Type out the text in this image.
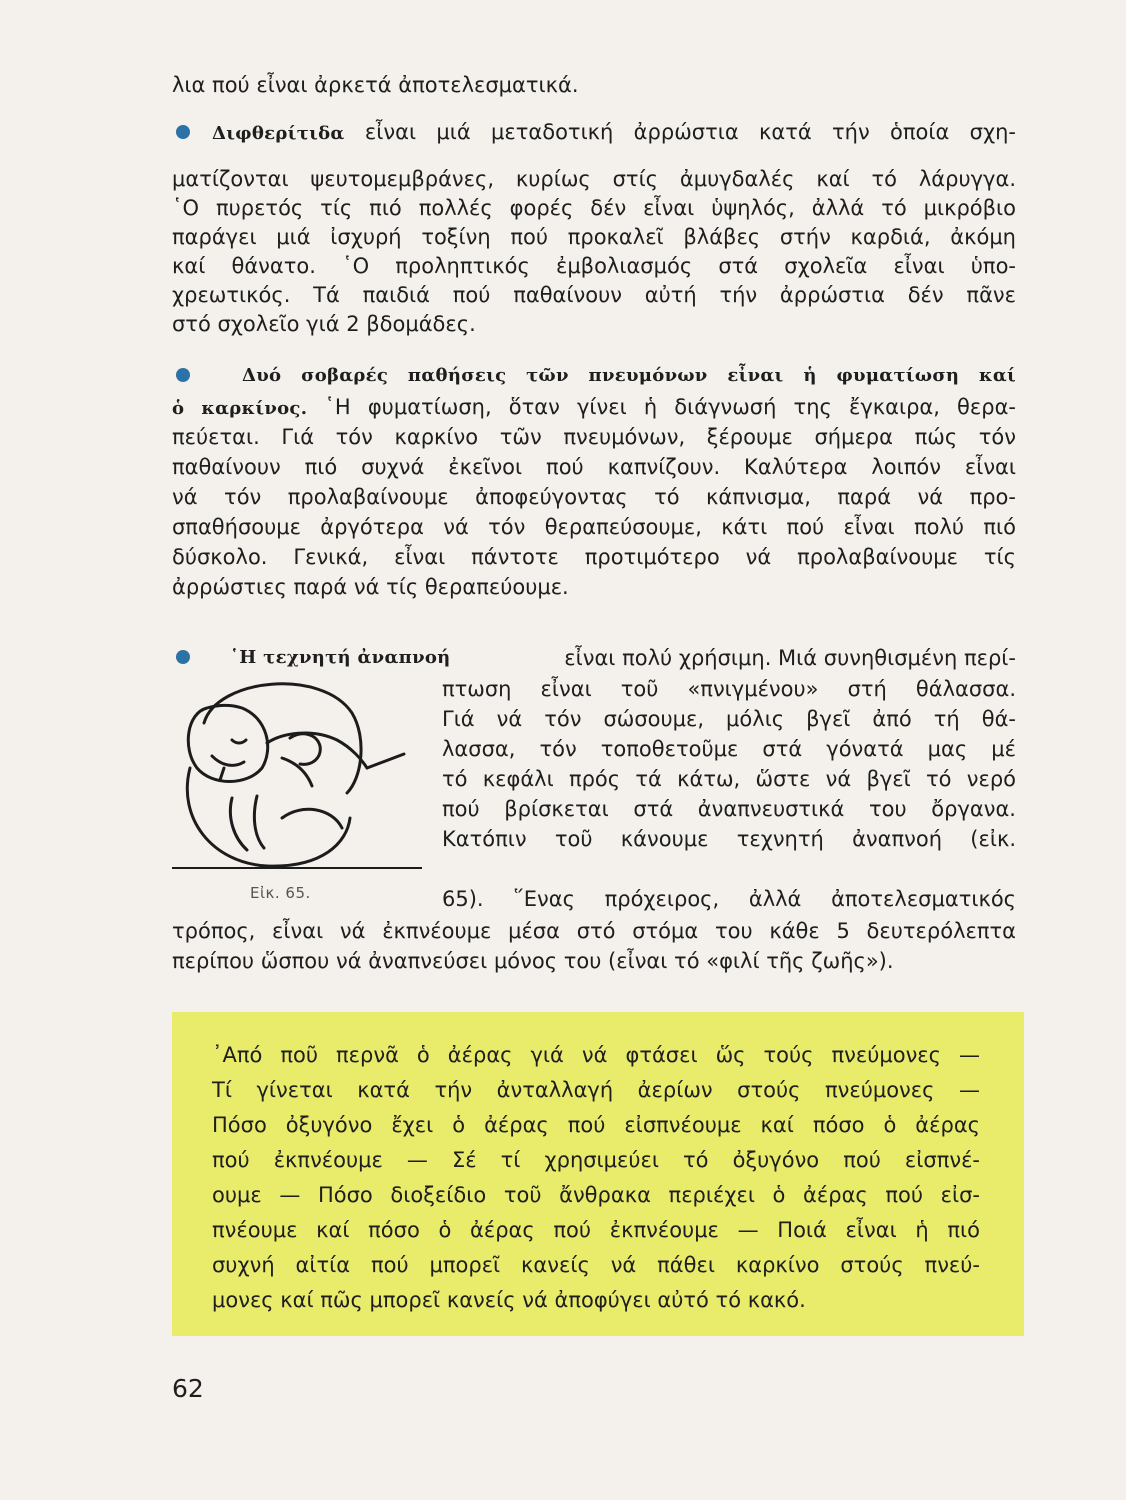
λια πού εἶναι ἀρκετά ἀποτελεσματικά.
Διφθερίτιδα εἶναι μιά μεταδοτική ἀρρώστια κατά τήν ὁποία σχη-
ματίζονται ψευτομεμβράνες, κυρίως στίς ἀμυγδαλές καί τό λάρυγγα.
῾Ο πυρετός τίς πιό πολλές φορές δέν εἶναι ὑψηλός, ἀλλά τό μικρόβιο
παράγει μιά ἰσχυρή τοξίνη πού προκαλεῖ βλάβες στήν καρδιά, ἀκόμη
καί θάνατο. ῾Ο προληπτικός ἐμβολιασμός στά σχολεῖα εἶναι ὑπο-
χρεωτικός. Τά παιδιά πού παθαίνουν αὐτή τήν ἀρρώστια δέν πᾶνε
στό σχολεῖο γιά 2 βδομάδες.
Δυό σοβαρές παθήσεις τῶν πνευμόνων εἶναι ἡ φυματίωση καί
ὁ καρκίνος. ῾Η φυματίωση, ὅταν γίνει ἡ διάγνωσή της ἔγκαιρα, θερα-
πεύεται. Γιά τόν καρκίνο τῶν πνευμόνων, ξέρουμε σήμερα πώς τόν
παθαίνουν πιό συχνά ἐκεῖνοι πού καπνίζουν. Καλύτερα λοιπόν εἶναι
νά τόν προλαβαίνουμε ἀποφεύγοντας τό κάπνισμα, παρά νά προ-
σπαθήσουμε ἀργότερα νά τόν θεραπεύσουμε, κάτι πού εἶναι πολύ πιό
δύσκολο. Γενικά, εἶναι πάντοτε προτιμότερο νά προλαβαίνουμε τίς
ἀρρώστιες παρά νά τίς θεραπεύουμε.
῾Η τεχνητή ἀναπνοή	εἶναι πολύ χρήσιμη. Μιά συνηθισμένη περί-
πτωση εἶναι τοῦ «πνιγμένου» στή θάλασσα.
Γιά νά τόν σώσουμε, μόλις βγεῖ ἀπό τή θά-
λασσα, τόν τοποθετοῦμε στά γόνατά μας μέ
τό κεφάλι πρός τά κάτω, ὥστε νά βγεῖ τό νερό
πού βρίσκεται στά ἀναπνευστικά του ὄργανα.
Κατόπιν τοῦ κάνουμε τεχνητή ἀναπνοή (εἰκ.
65). ῞Ενας πρόχειρος, ἀλλά ἀποτελεσματικός
Εἰκ. 65.
τρόπος, εἶναι νά ἐκπνέουμε μέσα στό στόμα του κάθε 5 δευτερόλεπτα
περίπου ὥσπου νά ἀναπνεύσει μόνος του (εἶναι τό «φιλί τῆς ζωῆς»).
᾿Από ποῦ περνᾶ ὁ ἀέρας γιά νά φτάσει ὥς τούς πνεύμονες —
Τί γίνεται κατά τήν ἀνταλλαγή ἀερίων στούς πνεύμονες —
Πόσο ὀξυγόνο ἔχει ὁ ἀέρας πού εἰσπνέουμε καί πόσο ὁ ἀέρας
πού ἐκπνέουμε — Σέ τί χρησιμεύει τό ὀξυγόνο πού εἰσπνέ-
ουμε — Πόσο διοξείδιο τοῦ ἄνθρακα περιέχει ὁ ἀέρας πού εἰσ-
πνέουμε καί πόσο ὁ ἀέρας πού ἐκπνέουμε — Ποιά εἶναι ἡ πιό
συχνή αἰτία πού μπορεῖ κανείς νά πάθει καρκίνο στούς πνεύ-
μονες καί πῶς μπορεῖ κανείς νά ἀποφύγει αὐτό τό κακό.
62
